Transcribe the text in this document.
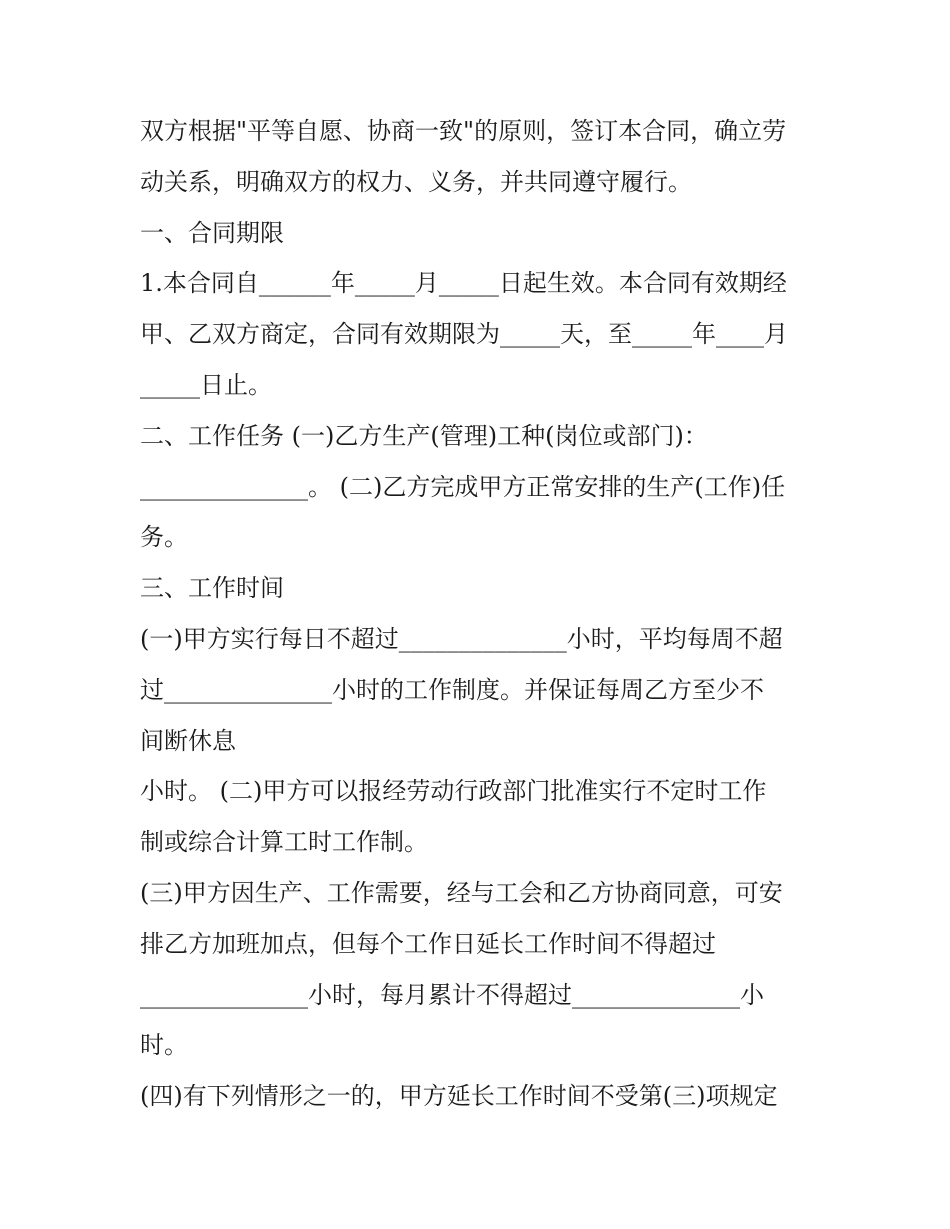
双方根据"平等自愿、协商一致"的原则，签订本合同，确立劳

动关系，明确双方的权力、义务，并共同遵守履行。

一、合同期限

1.本合同自______年_____月_____日起生效。本合同有效期经

甲、乙双方商定，合同有效期限为_____天，至_____年____月

_____日止。

二、工作任务 (一)乙方生产(管理)工种(岗位或部门)：

______________。 (二)乙方完成甲方正常安排的生产(工作)任

务。

三、工作时间

(一)甲方实行每日不超过______________小时，平均每周不超

过______________小时的工作制度。并保证每周乙方至少不

间断休息

小时。 (二)甲方可以报经劳动行政部门批准实行不定时工作

制或综合计算工时工作制。

(三)甲方因生产、工作需要，经与工会和乙方协商同意，可安

排乙方加班加点，但每个工作日延长工作时间不得超过

______________小时，每月累计不得超过______________小

时。

(四)有下列情形之一的，甲方延长工作时间不受第(三)项规定
